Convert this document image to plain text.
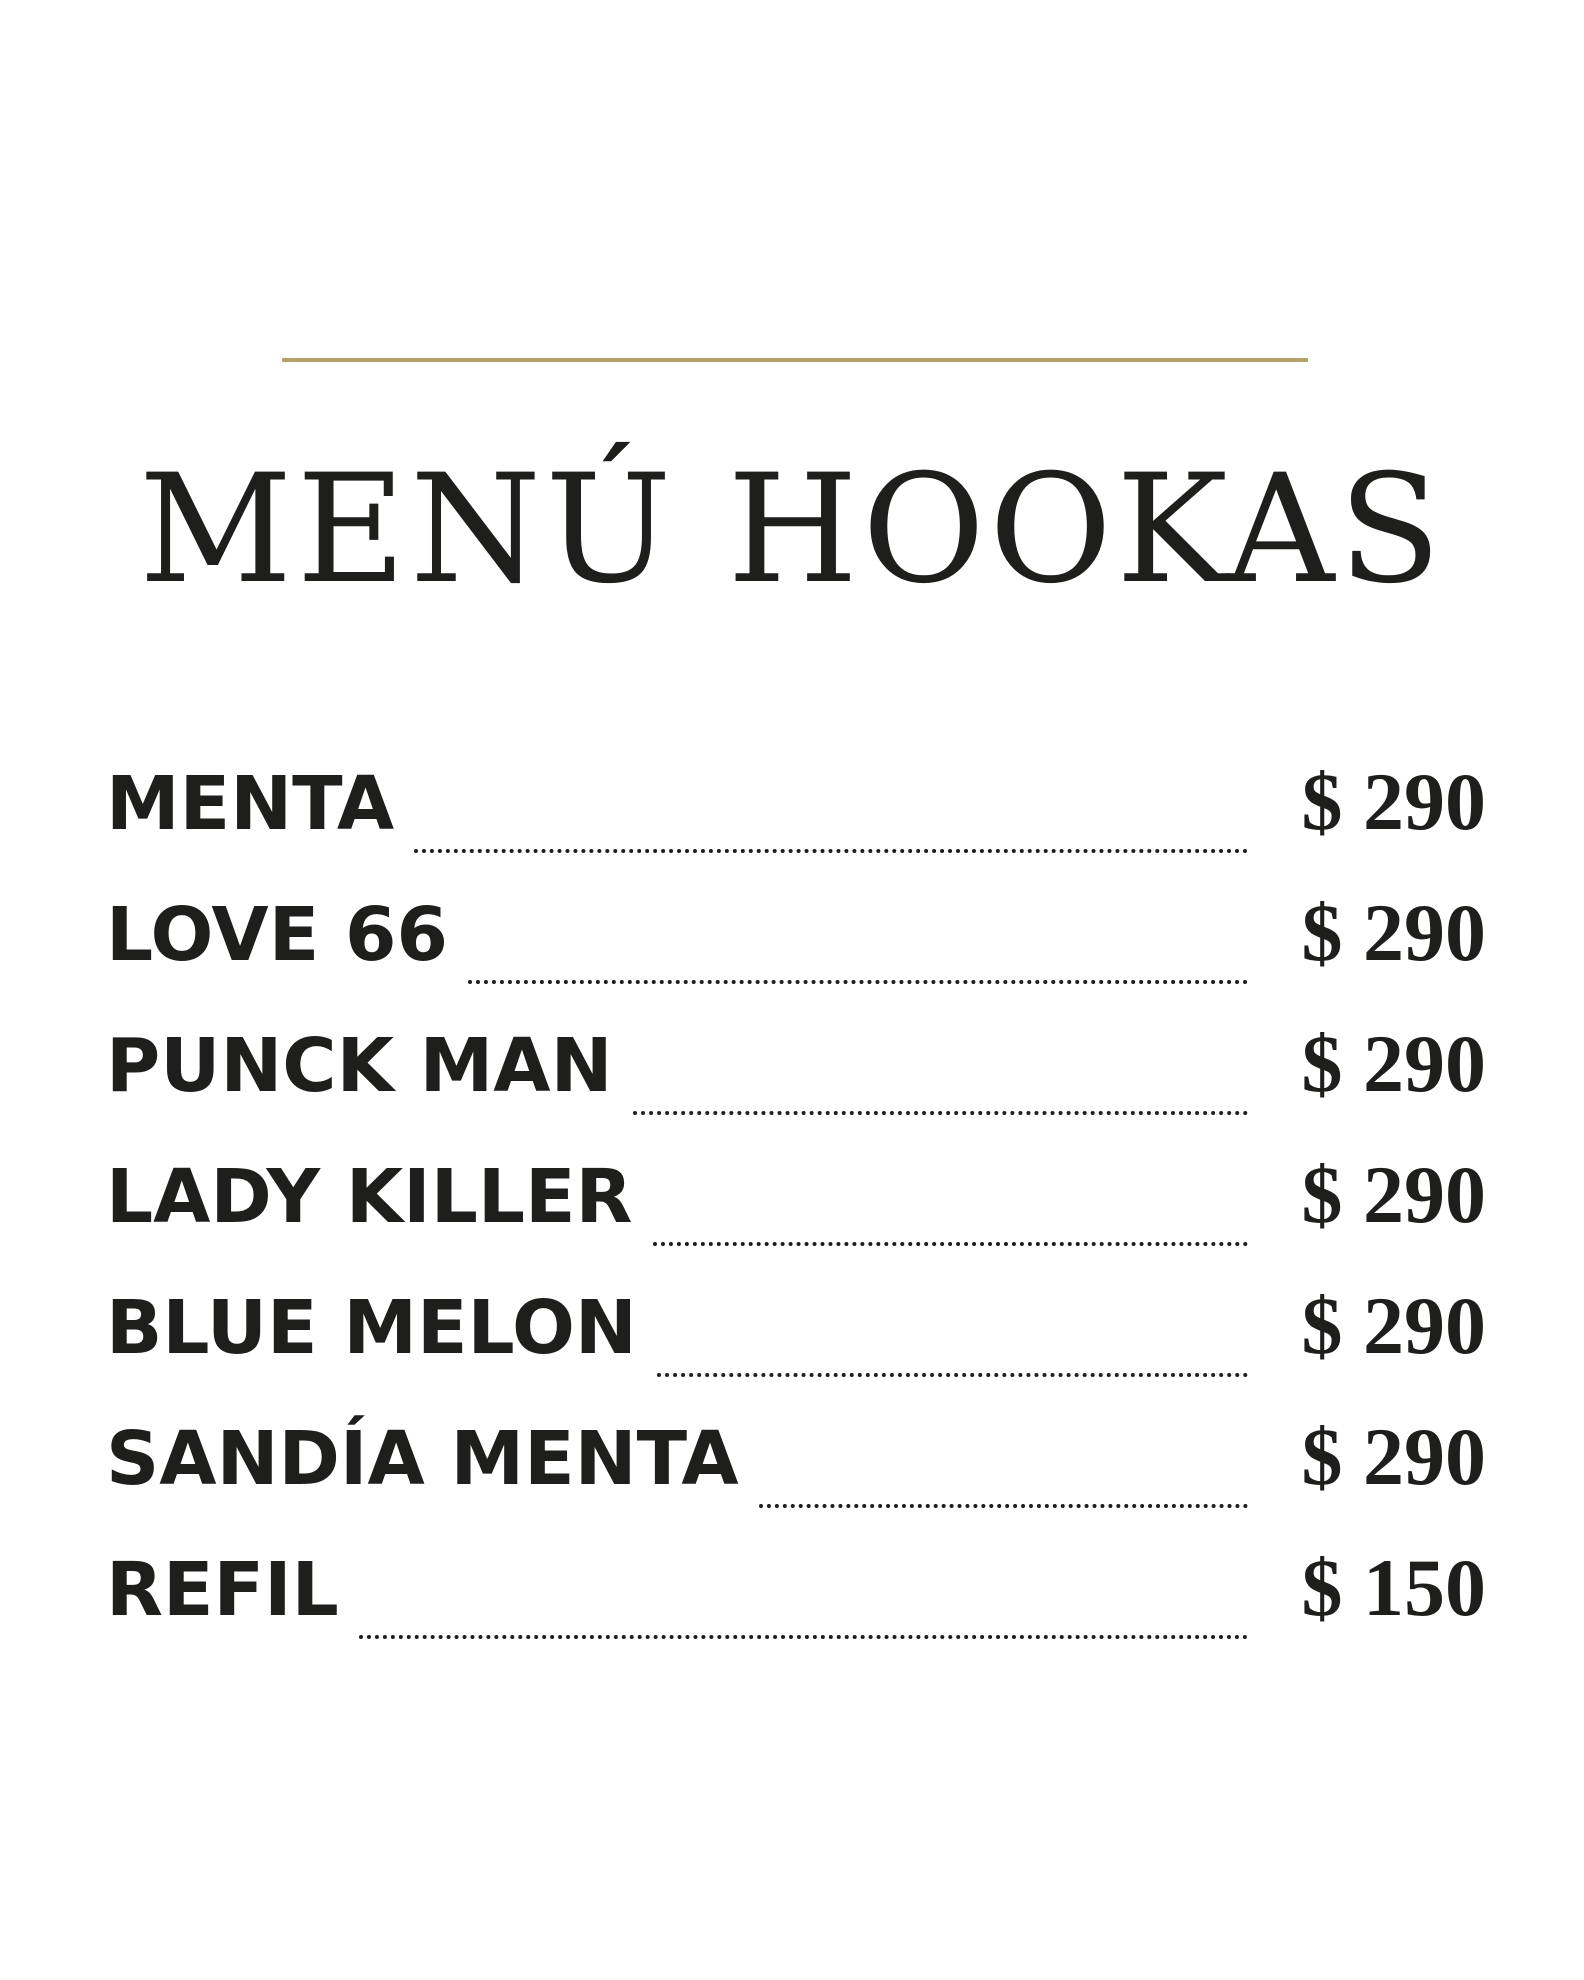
MENÚ HOOKAS
MENTA	$ 290
LOVE 66	$ 290
PUNCK MAN	$ 290
LADY KILLER	$ 290
BLUE MELON	$ 290
SANDÍA MENTA	$ 290
REFIL	$ 150
